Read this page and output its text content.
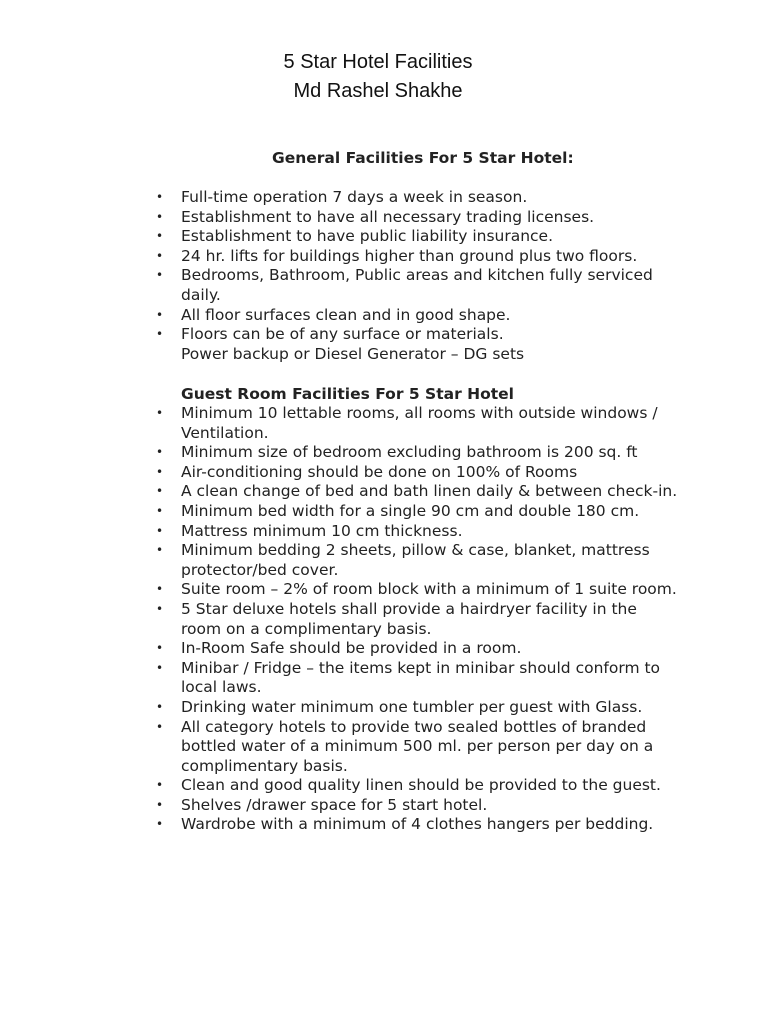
5 Star Hotel Facilities
Md Rashel Shakhe
General Facilities For 5 Star Hotel:
• Full-time operation 7 days a week in season.
• Establishment to have all necessary trading licenses.
• Establishment to have public liability insurance.
• 24 hr. lifts for buildings higher than ground plus two floors.
• Bedrooms, Bathroom, Public areas and kitchen fully serviced daily.
• All floor surfaces clean and in good shape.
• Floors can be of any surface or materials.
Power backup or Diesel Generator – DG sets
Guest Room Facilities For 5 Star Hotel
• Minimum 10 lettable rooms, all rooms with outside windows / Ventilation.
• Minimum size of bedroom excluding bathroom is 200 sq. ft
• Air-conditioning should be done on 100% of Rooms
• A clean change of bed and bath linen daily & between check-in.
• Minimum bed width for a single 90 cm and double 180 cm.
• Mattress minimum 10 cm thickness.
• Minimum bedding 2 sheets, pillow & case, blanket, mattress protector/bed cover.
• Suite room – 2% of room block with a minimum of 1 suite room.
• 5 Star deluxe hotels shall provide a hairdryer facility in the room on a complimentary basis.
• In-Room Safe should be provided in a room.
• Minibar / Fridge – the items kept in minibar should conform to local laws.
• Drinking water minimum one tumbler per guest with Glass.
• All category hotels to provide two sealed bottles of branded bottled water of a minimum 500 ml. per person per day on a complimentary basis.
• Clean and good quality linen should be provided to the guest.
• Shelves /drawer space for 5 start hotel.
• Wardrobe with a minimum of 4 clothes hangers per bedding.
